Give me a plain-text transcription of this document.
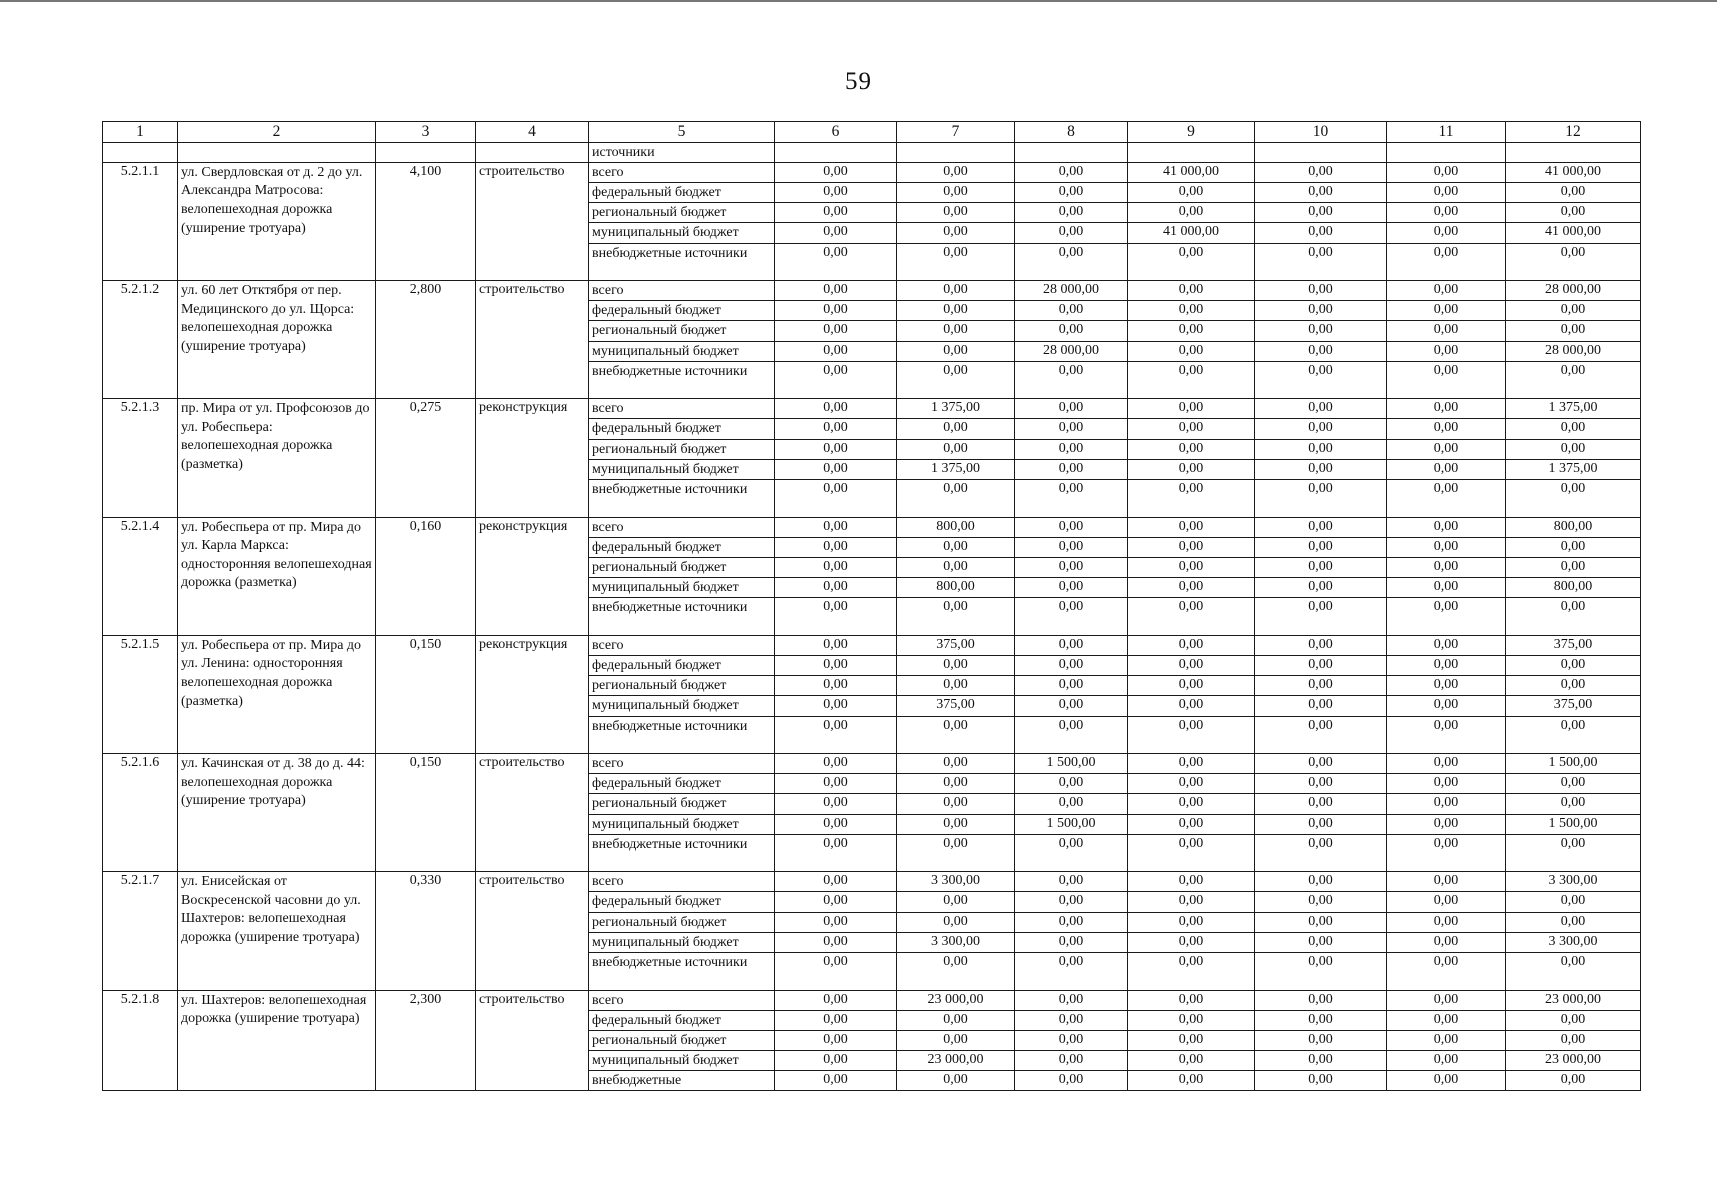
59
1	2	3	4	5	6	7	8	9	10	11	12
				источники							
5.2.1.1	ул. Свердловская от д. 2 до ул. Александра Матросова: велопешеходная дорожка (уширение тротуара)	4,100	строительство	всего	0,00	0,00	0,00	41 000,00	0,00	0,00	41 000,00
				федеральный бюджет	0,00	0,00	0,00	0,00	0,00	0,00	0,00
				региональный бюджет	0,00	0,00	0,00	0,00	0,00	0,00	0,00
				муниципальный бюджет	0,00	0,00	0,00	41 000,00	0,00	0,00	41 000,00
				внебюджетные источники	0,00	0,00	0,00	0,00	0,00	0,00	0,00
5.2.1.2	ул. 60 лет Отктября от пер. Медицинского до ул. Щорса: велопешеходная дорожка (уширение тротуара)	2,800	строительство	всего	0,00	0,00	28 000,00	0,00	0,00	0,00	28 000,00
				федеральный бюджет	0,00	0,00	0,00	0,00	0,00	0,00	0,00
				региональный бюджет	0,00	0,00	0,00	0,00	0,00	0,00	0,00
				муниципальный бюджет	0,00	0,00	28 000,00	0,00	0,00	0,00	28 000,00
				внебюджетные источники	0,00	0,00	0,00	0,00	0,00	0,00	0,00
5.2.1.3	пр. Мира от ул. Профсоюзов до ул. Робеспьера: велопешеходная дорожка (разметка)	0,275	реконструкция	всего	0,00	1 375,00	0,00	0,00	0,00	0,00	1 375,00
				федеральный бюджет	0,00	0,00	0,00	0,00	0,00	0,00	0,00
				региональный бюджет	0,00	0,00	0,00	0,00	0,00	0,00	0,00
				муниципальный бюджет	0,00	1 375,00	0,00	0,00	0,00	0,00	1 375,00
				внебюджетные источники	0,00	0,00	0,00	0,00	0,00	0,00	0,00
5.2.1.4	ул. Робеспьера от пр. Мира до ул. Карла Маркса: односторонняя велопешеходная дорожка (разметка)	0,160	реконструкция	всего	0,00	800,00	0,00	0,00	0,00	0,00	800,00
				федеральный бюджет	0,00	0,00	0,00	0,00	0,00	0,00	0,00
				региональный бюджет	0,00	0,00	0,00	0,00	0,00	0,00	0,00
				муниципальный бюджет	0,00	800,00	0,00	0,00	0,00	0,00	800,00
				внебюджетные источники	0,00	0,00	0,00	0,00	0,00	0,00	0,00
5.2.1.5	ул. Робеспьера от пр. Мира до ул. Ленина: односторонняя велопешеходная дорожка (разметка)	0,150	реконструкция	всего	0,00	375,00	0,00	0,00	0,00	0,00	375,00
				федеральный бюджет	0,00	0,00	0,00	0,00	0,00	0,00	0,00
				региональный бюджет	0,00	0,00	0,00	0,00	0,00	0,00	0,00
				муниципальный бюджет	0,00	375,00	0,00	0,00	0,00	0,00	375,00
				внебюджетные источники	0,00	0,00	0,00	0,00	0,00	0,00	0,00
5.2.1.6	ул. Качинская от д. 38 до д. 44: велопешеходная дорожка (уширение тротуара)	0,150	строительство	всего	0,00	0,00	1 500,00	0,00	0,00	0,00	1 500,00
				федеральный бюджет	0,00	0,00	0,00	0,00	0,00	0,00	0,00
				региональный бюджет	0,00	0,00	0,00	0,00	0,00	0,00	0,00
				муниципальный бюджет	0,00	0,00	1 500,00	0,00	0,00	0,00	1 500,00
				внебюджетные источники	0,00	0,00	0,00	0,00	0,00	0,00	0,00
5.2.1.7	ул. Енисейская от Воскресенской часовни до ул. Шахтеров: велопешеходная дорожка (уширение тротуара)	0,330	строительство	всего	0,00	3 300,00	0,00	0,00	0,00	0,00	3 300,00
				федеральный бюджет	0,00	0,00	0,00	0,00	0,00	0,00	0,00
				региональный бюджет	0,00	0,00	0,00	0,00	0,00	0,00	0,00
				муниципальный бюджет	0,00	3 300,00	0,00	0,00	0,00	0,00	3 300,00
				внебюджетные источники	0,00	0,00	0,00	0,00	0,00	0,00	0,00
5.2.1.8	ул. Шахтеров: велопешеходная дорожка (уширение тротуара)	2,300	строительство	всего	0,00	23 000,00	0,00	0,00	0,00	0,00	23 000,00
				федеральный бюджет	0,00	0,00	0,00	0,00	0,00	0,00	0,00
				региональный бюджет	0,00	0,00	0,00	0,00	0,00	0,00	0,00
				муниципальный бюджет	0,00	23 000,00	0,00	0,00	0,00	0,00	23 000,00
				внебюджетные	0,00	0,00	0,00	0,00	0,00	0,00	0,00
